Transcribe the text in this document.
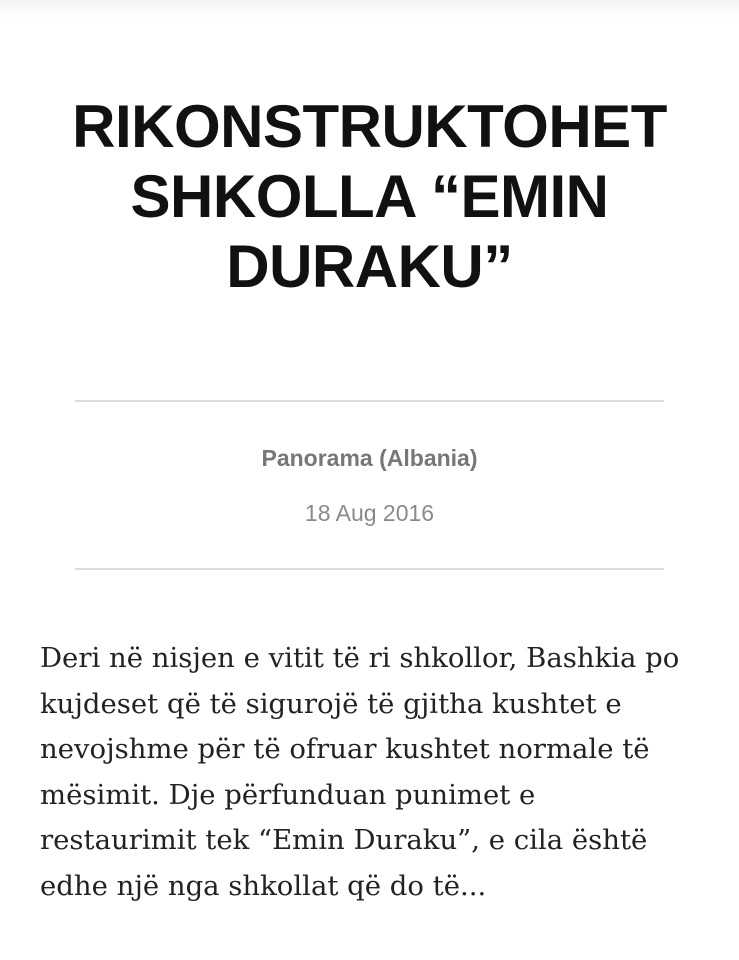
RIKONSTRUKTOHET SHKOLLA “EMIN DURAKU”
Panorama (Albania)
18 Aug 2016

Deri në nisjen e vitit të ri shkollor, Bashkia po kujdeset që të sigurojë të gjitha kushtet e nevojshme për të ofruar kushtet normale të mësimit. Dje përfunduan punimet e restaurimit tek “Emin Duraku”, e cila është edhe një nga shkollat që do të...
